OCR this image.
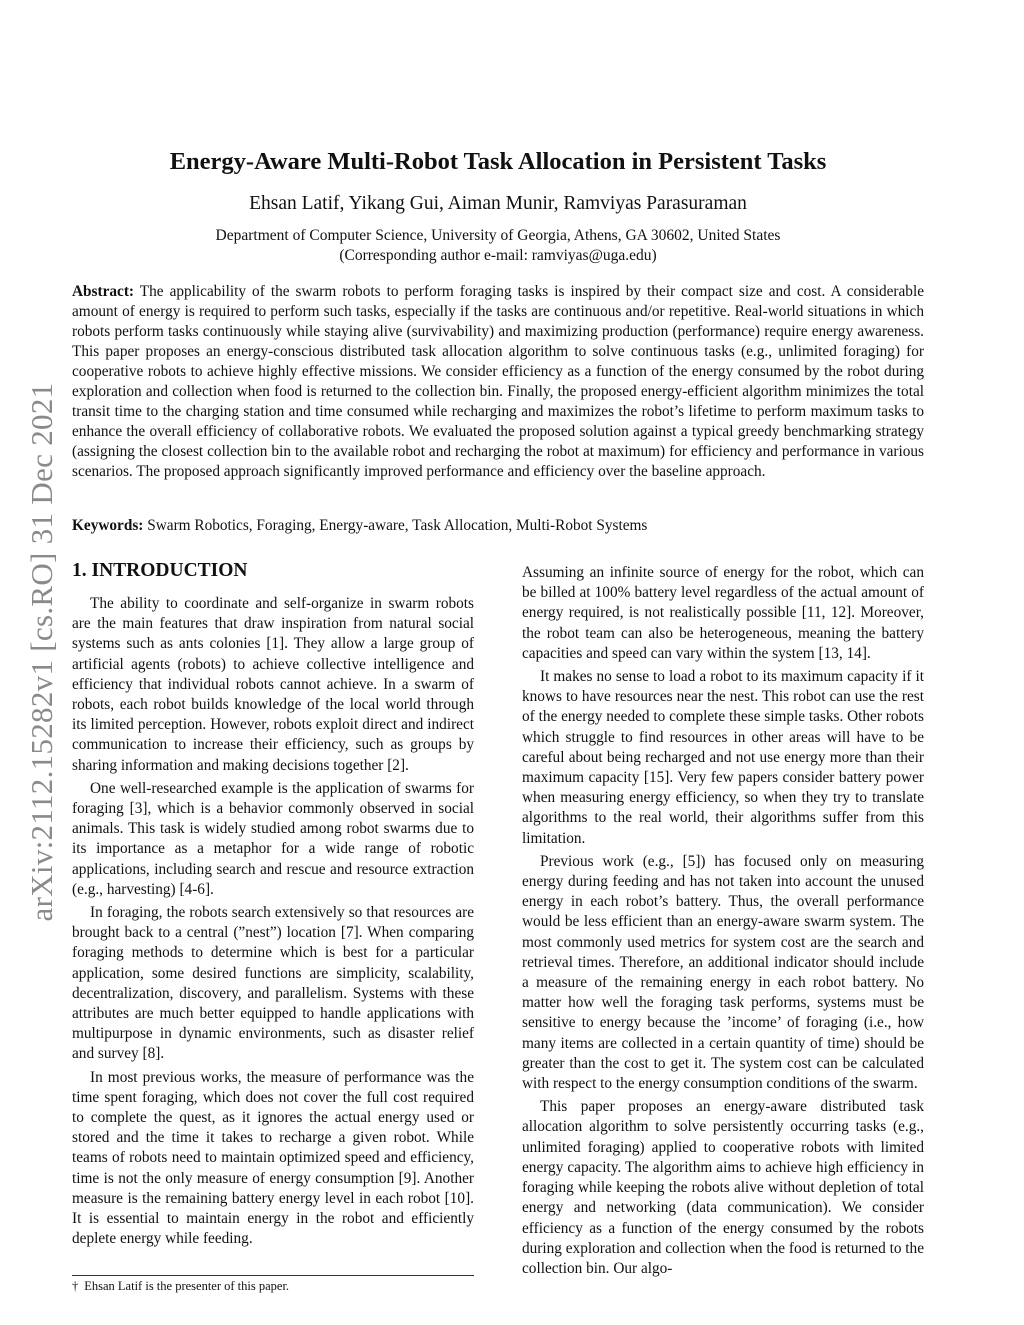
arXiv:2112.15282v1 [cs.RO] 31 Dec 2021
Energy-Aware Multi-Robot Task Allocation in Persistent Tasks
Ehsan Latif, Yikang Gui, Aiman Munir, Ramviyas Parasuraman
Department of Computer Science, University of Georgia, Athens, GA 30602, United States
(Corresponding author e-mail: ramviyas@uga.edu)

Abstract: The applicability of the swarm robots to perform foraging tasks is inspired by their compact size and cost. A considerable amount of energy is required to perform such tasks, especially if the tasks are continuous and/or repetitive. Real-world situations in which robots perform tasks continuously while staying alive (survivability) and maximizing production (performance) require energy awareness. This paper proposes an energy-conscious distributed task allocation algorithm to solve continuous tasks (e.g., unlimited foraging) for cooperative robots to achieve highly effective missions. We consider efficiency as a function of the energy consumed by the robot during exploration and collection when food is returned to the collection bin. Finally, the proposed energy-efficient algorithm minimizes the total transit time to the charging station and time consumed while recharging and maximizes the robot’s lifetime to perform maximum tasks to enhance the overall efficiency of collaborative robots. We evaluated the proposed solution against a typical greedy benchmarking strategy (assigning the closest collection bin to the available robot and recharging the robot at maximum) for efficiency and performance in various scenarios. The proposed approach significantly improved performance and efficiency over the baseline approach.

Keywords: Swarm Robotics, Foraging, Energy-aware, Task Allocation, Multi-Robot Systems

1. INTRODUCTION

The ability to coordinate and self-organize in swarm robots are the main features that draw inspiration from natural social systems such as ants colonies [1]. They allow a large group of artificial agents (robots) to achieve collective intelligence and efficiency that individual robots cannot achieve. In a swarm of robots, each robot builds knowledge of the local world through its limited perception. However, robots exploit direct and indirect communication to increase their efficiency, such as groups by sharing information and making decisions together [2].

One well-researched example is the application of swarms for foraging [3], which is a behavior commonly observed in social animals. This task is widely studied among robot swarms due to its importance as a metaphor for a wide range of robotic applications, including search and rescue and resource extraction (e.g., harvesting) [4-6].

In foraging, the robots search extensively so that resources are brought back to a central (”nest”) location [7]. When comparing foraging methods to determine which is best for a particular application, some desired functions are simplicity, scalability, decentralization, discovery, and parallelism. Systems with these attributes are much better equipped to handle applications with multipurpose in dynamic environments, such as disaster relief and survey [8].

In most previous works, the measure of performance was the time spent foraging, which does not cover the full cost required to complete the quest, as it ignores the actual energy used or stored and the time it takes to recharge a given robot. While teams of robots need to maintain optimized speed and efficiency, time is not the only measure of energy consumption [9]. Another measure is the remaining battery energy level in each robot [10]. It is essential to maintain energy in the robot and efficiently deplete energy while feeding.

Assuming an infinite source of energy for the robot, which can be billed at 100% battery level regardless of the actual amount of energy required, is not realistically possible [11, 12]. Moreover, the robot team can also be heterogeneous, meaning the battery capacities and speed can vary within the system [13, 14].

It makes no sense to load a robot to its maximum capacity if it knows to have resources near the nest. This robot can use the rest of the energy needed to complete these simple tasks. Other robots which struggle to find resources in other areas will have to be careful about being recharged and not use energy more than their maximum capacity [15]. Very few papers consider battery power when measuring energy efficiency, so when they try to translate algorithms to the real world, their algorithms suffer from this limitation.

Previous work (e.g., [5]) has focused only on measuring energy during feeding and has not taken into account the unused energy in each robot’s battery. Thus, the overall performance would be less efficient than an energy-aware swarm system. The most commonly used metrics for system cost are the search and retrieval times. Therefore, an additional indicator should include a measure of the remaining energy in each robot battery. No matter how well the foraging task performs, systems must be sensitive to energy because the ’income’ of foraging (i.e., how many items are collected in a certain quantity of time) should be greater than the cost to get it. The system cost can be calculated with respect to the energy consumption conditions of the swarm.

This paper proposes an energy-aware distributed task allocation algorithm to solve persistently occurring tasks (e.g., unlimited foraging) applied to cooperative robots with limited energy capacity. The algorithm aims to achieve high efficiency in foraging while keeping the robots alive without depletion of total energy and networking (data communication). We consider efficiency as a function of the energy consumed by the robots during exploration and collection when the food is returned to the collection bin. Our algo-

† Ehsan Latif is the presenter of this paper.
